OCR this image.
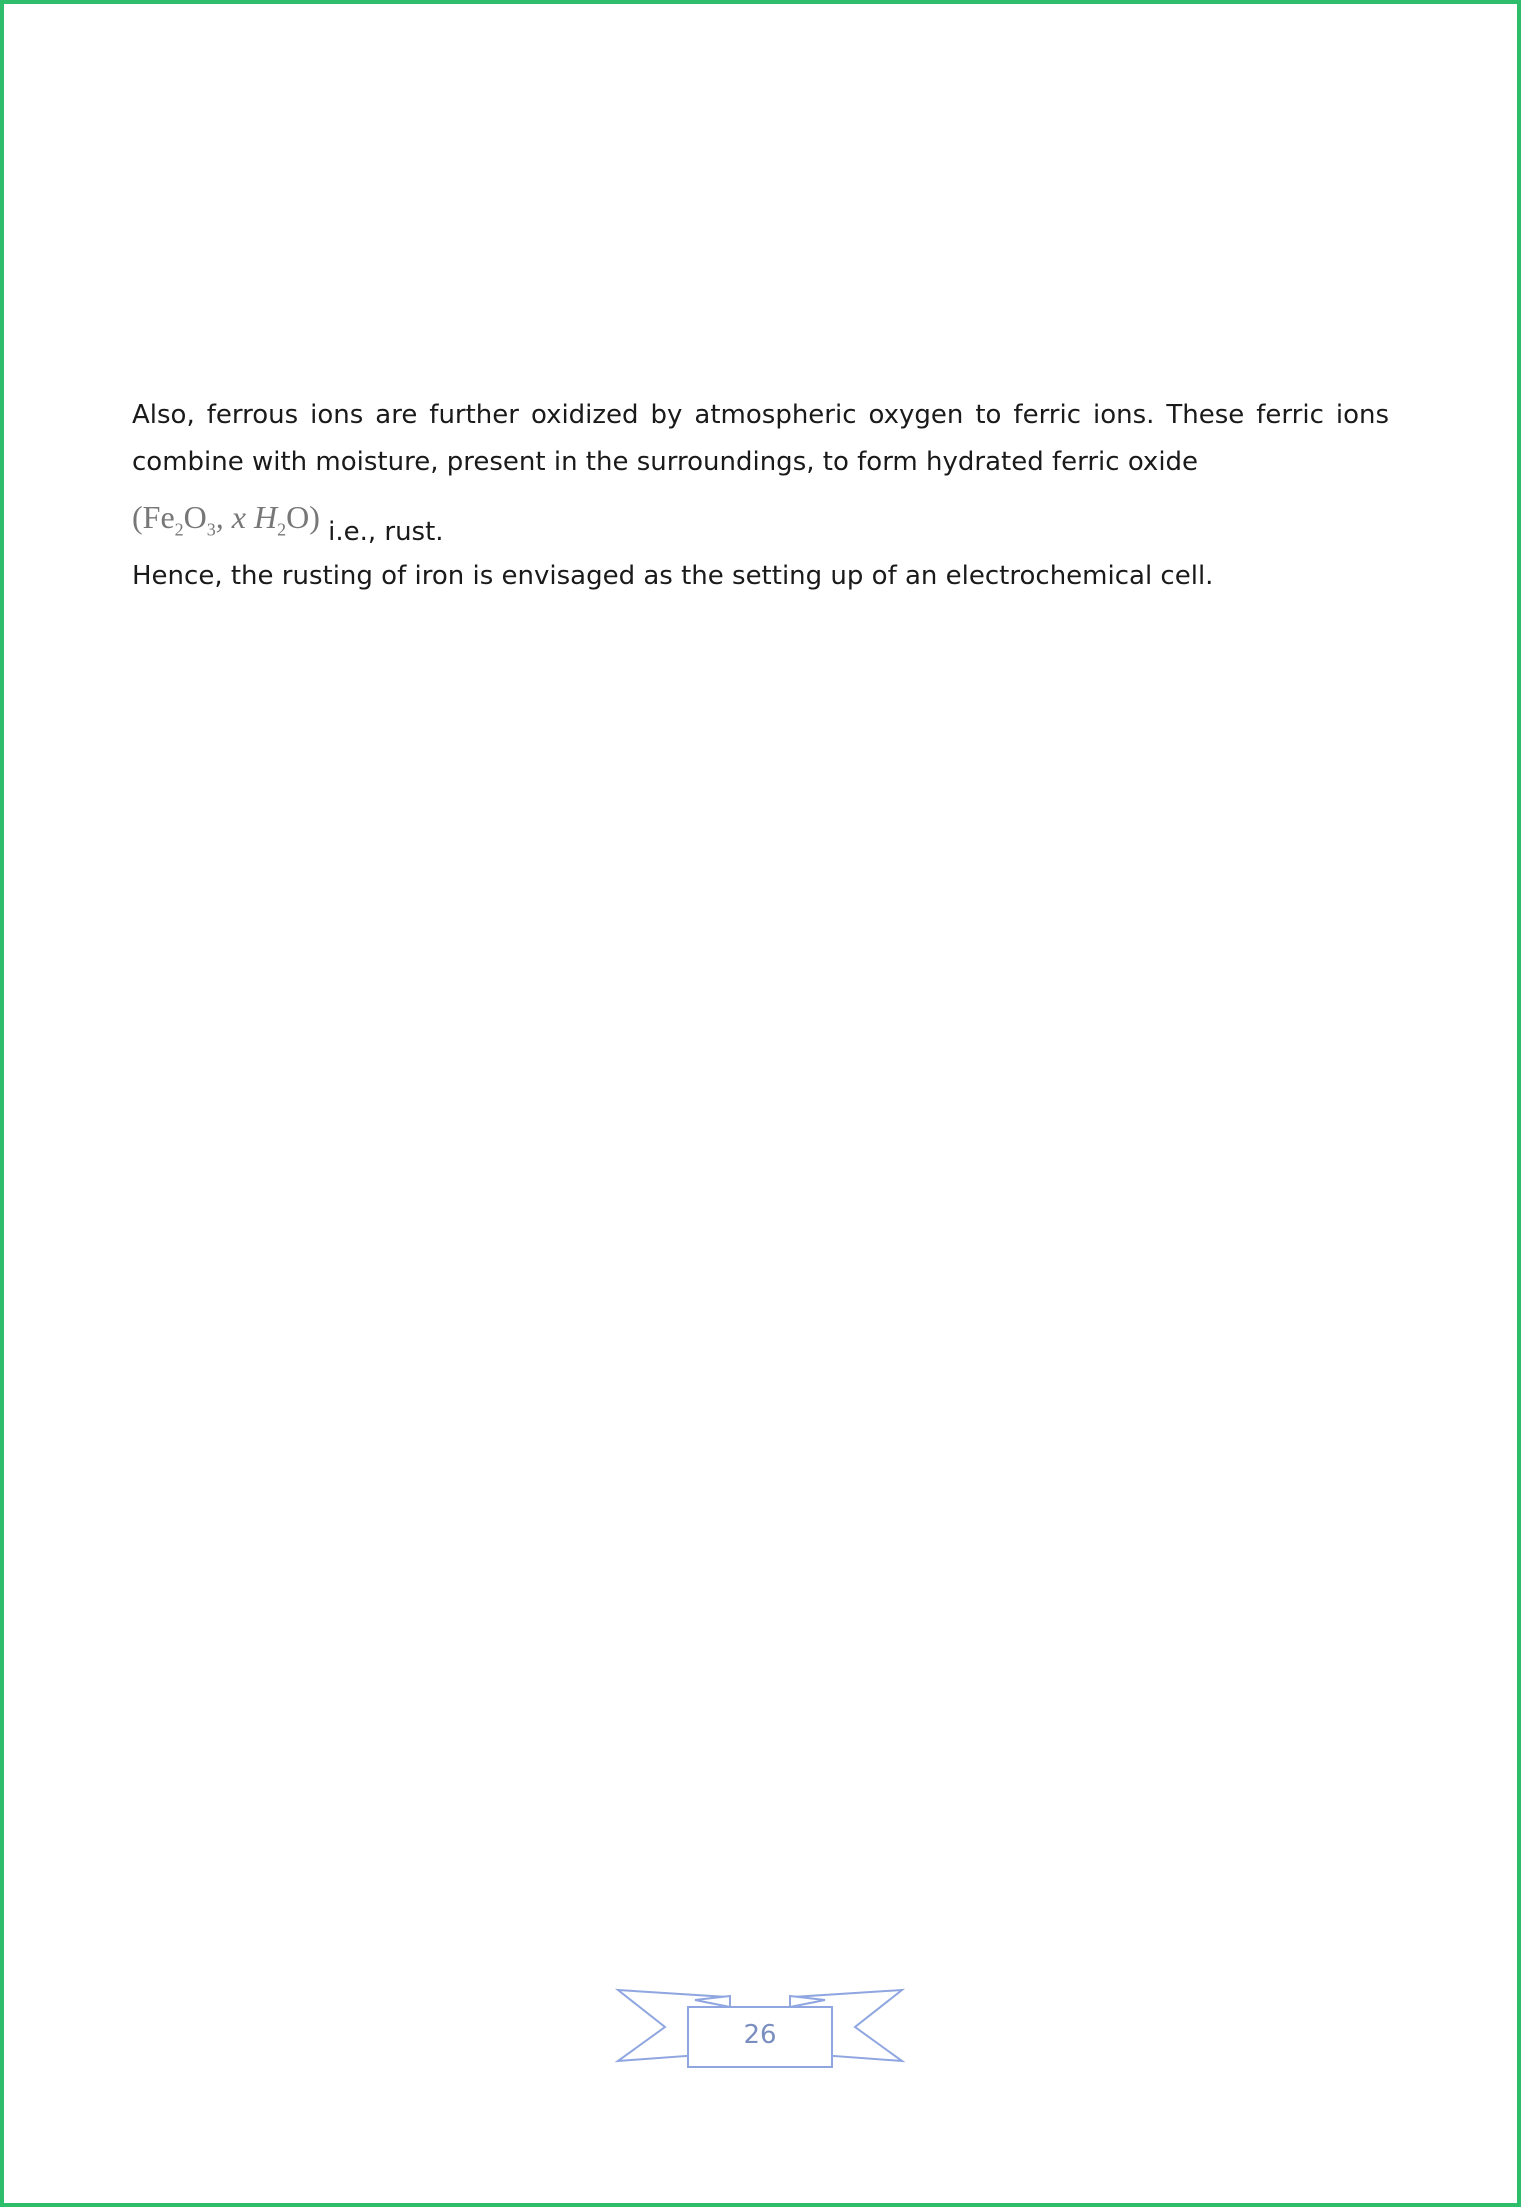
Also, ferrous ions are further oxidized by atmospheric oxygen to ferric ions. These ferric ions combine with moisture, present in the surroundings, to form hydrated ferric oxide
($Fe_2O_3$, x $H_2O$) i.e., rust.

Hence, the rusting of iron is envisaged as the setting up of an electrochemical cell.

26
